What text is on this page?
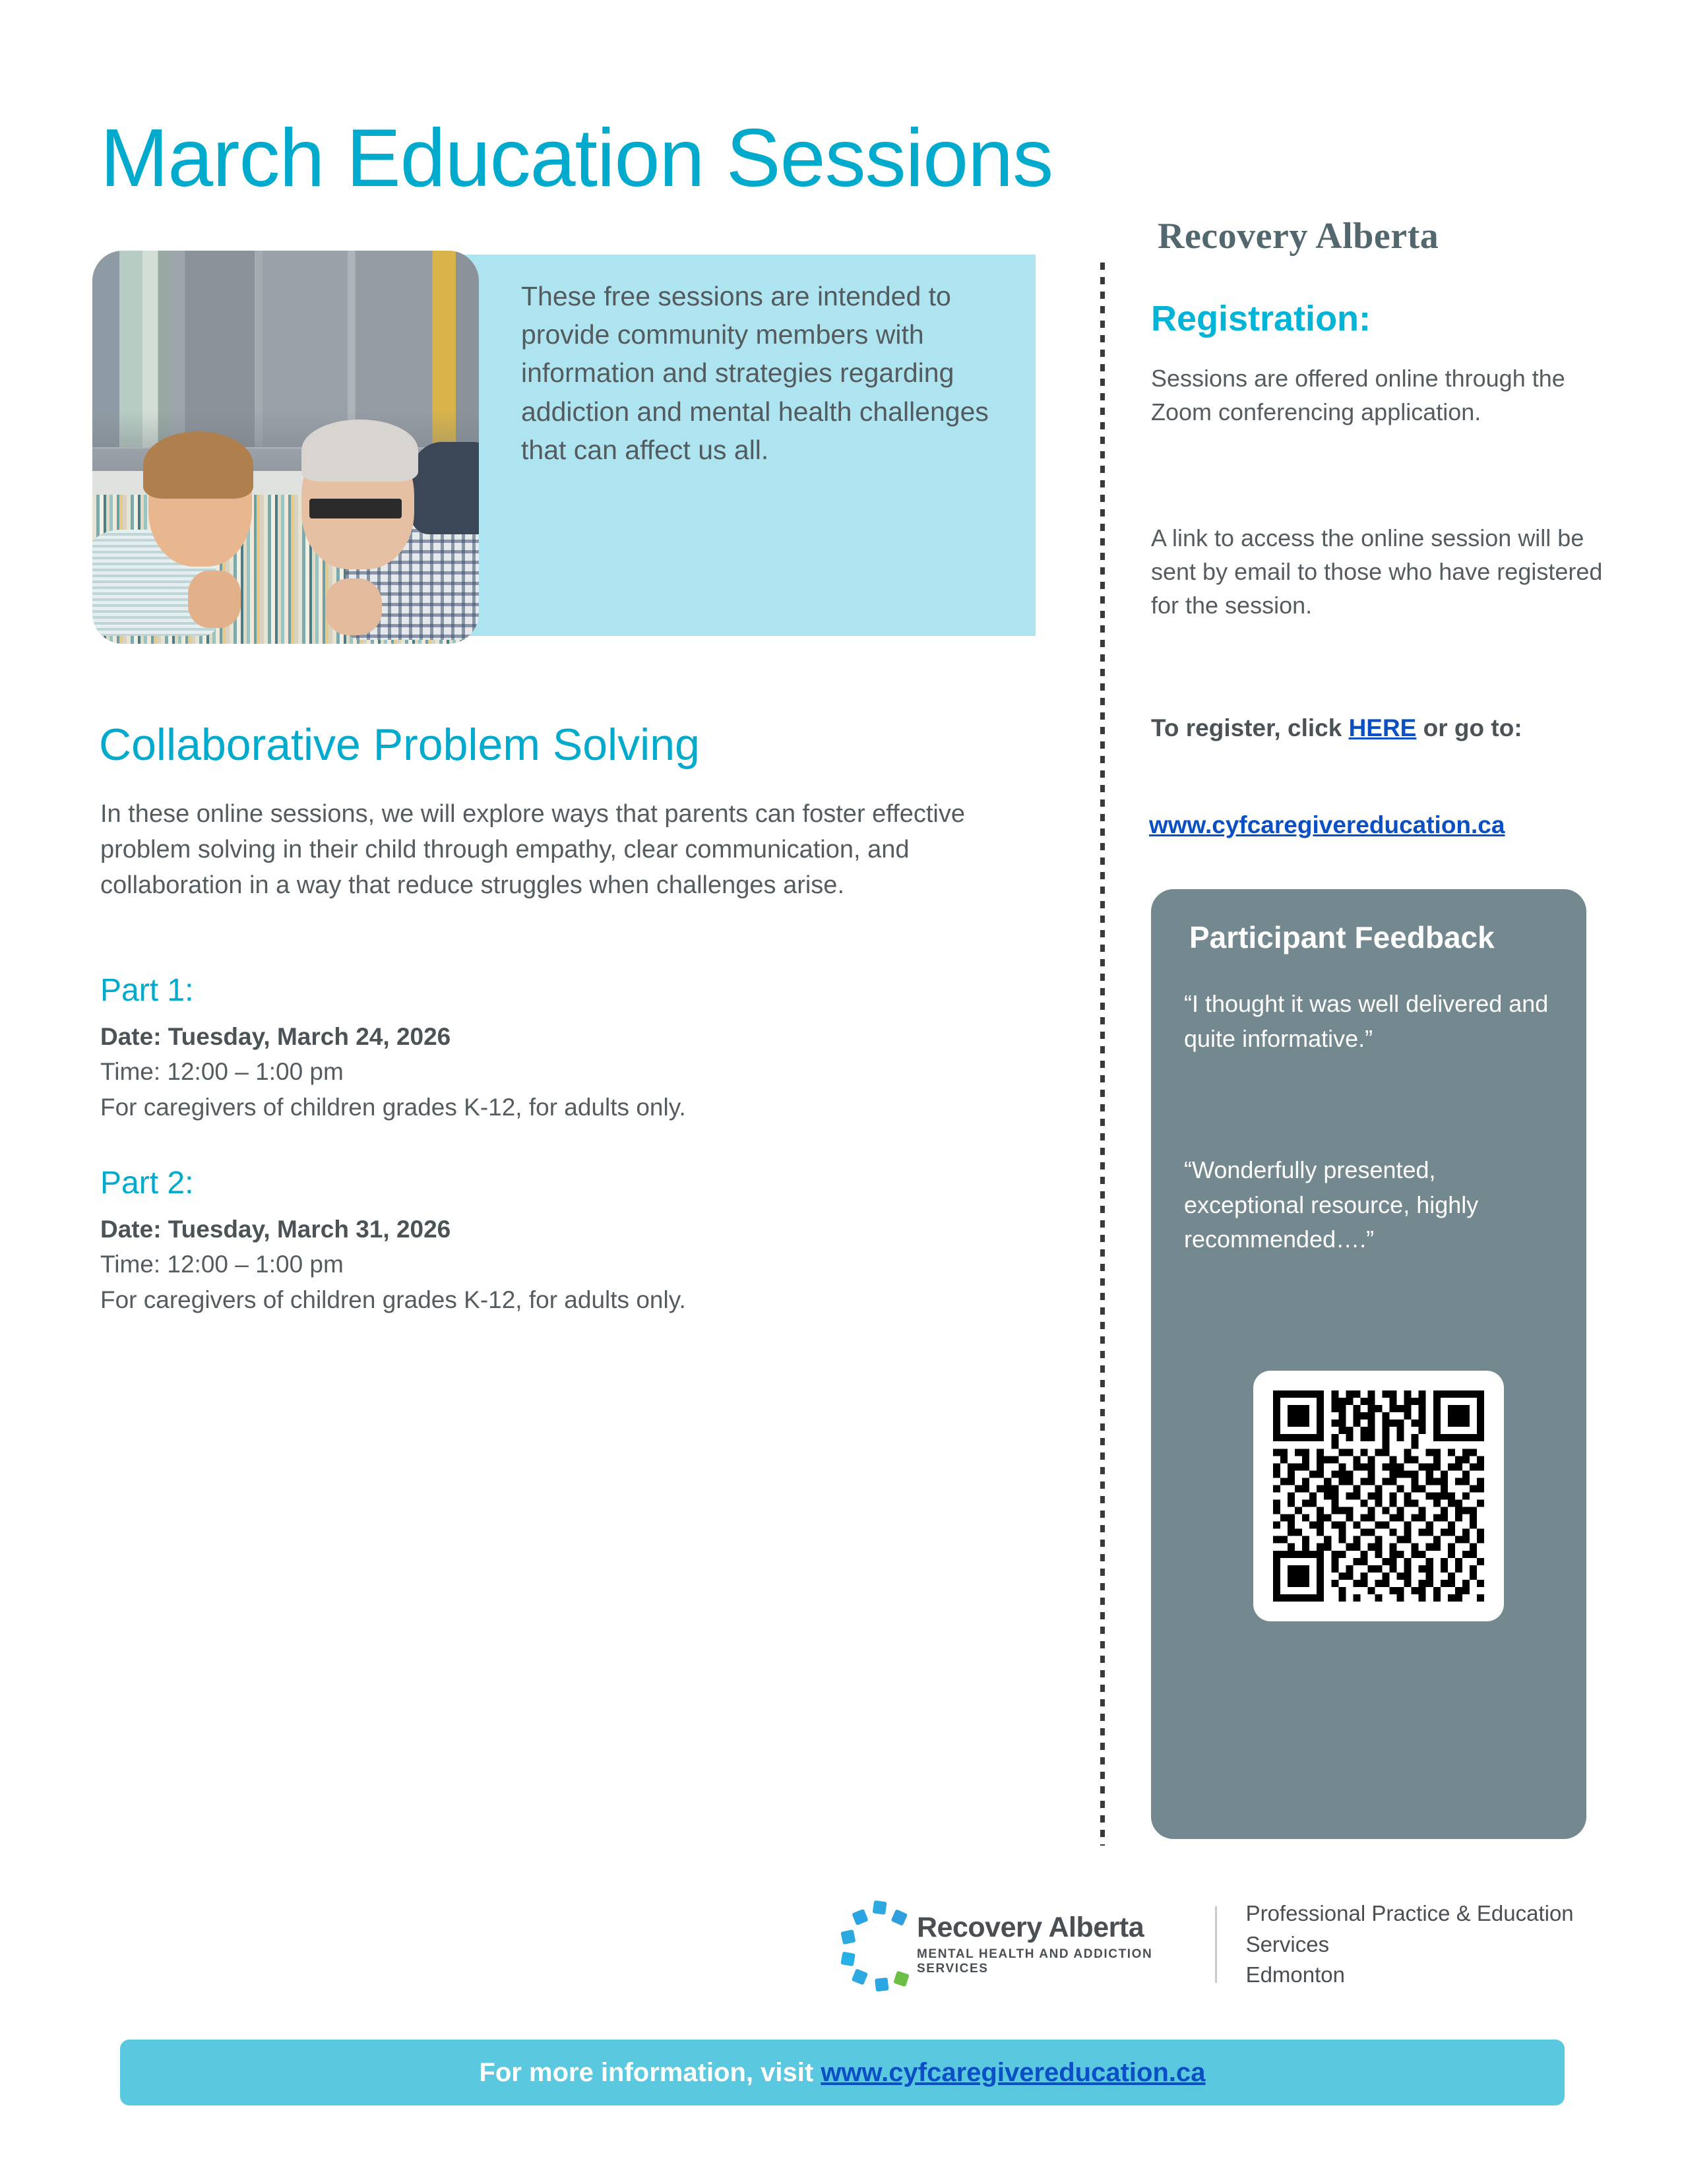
March Education Sessions
Recovery Alberta
These free sessions are intended to provide community members with information and strategies regarding addiction and mental health challenges that can affect us all.
Collaborative Problem Solving
In these online sessions, we will explore ways that parents can foster effective problem solving in their child through empathy, clear communication, and collaboration in a way that reduce struggles when challenges arise.
Part 1:
Date: Tuesday, March 24, 2026
Time: 12:00 – 1:00 pm
For caregivers of children grades K-12, for adults only.
Part 2:
Date: Tuesday, March 31, 2026
Time: 12:00 – 1:00 pm
For caregivers of children grades K-12, for adults only.
Registration:
Sessions are offered online through the Zoom conferencing application.
A link to access the online session will be sent by email to those who have registered for the session.
To register, click HERE or go to:
www.cyfcaregivereducation.ca
Participant Feedback
“I thought it was well delivered and quite informative.”
“Wonderfully presented, exceptional resource, highly recommended….”
Recovery Alberta
MENTAL HEALTH AND ADDICTION SERVICES
Professional Practice & Education Services
Edmonton
For more information, visit www.cyfcaregivereducation.ca
